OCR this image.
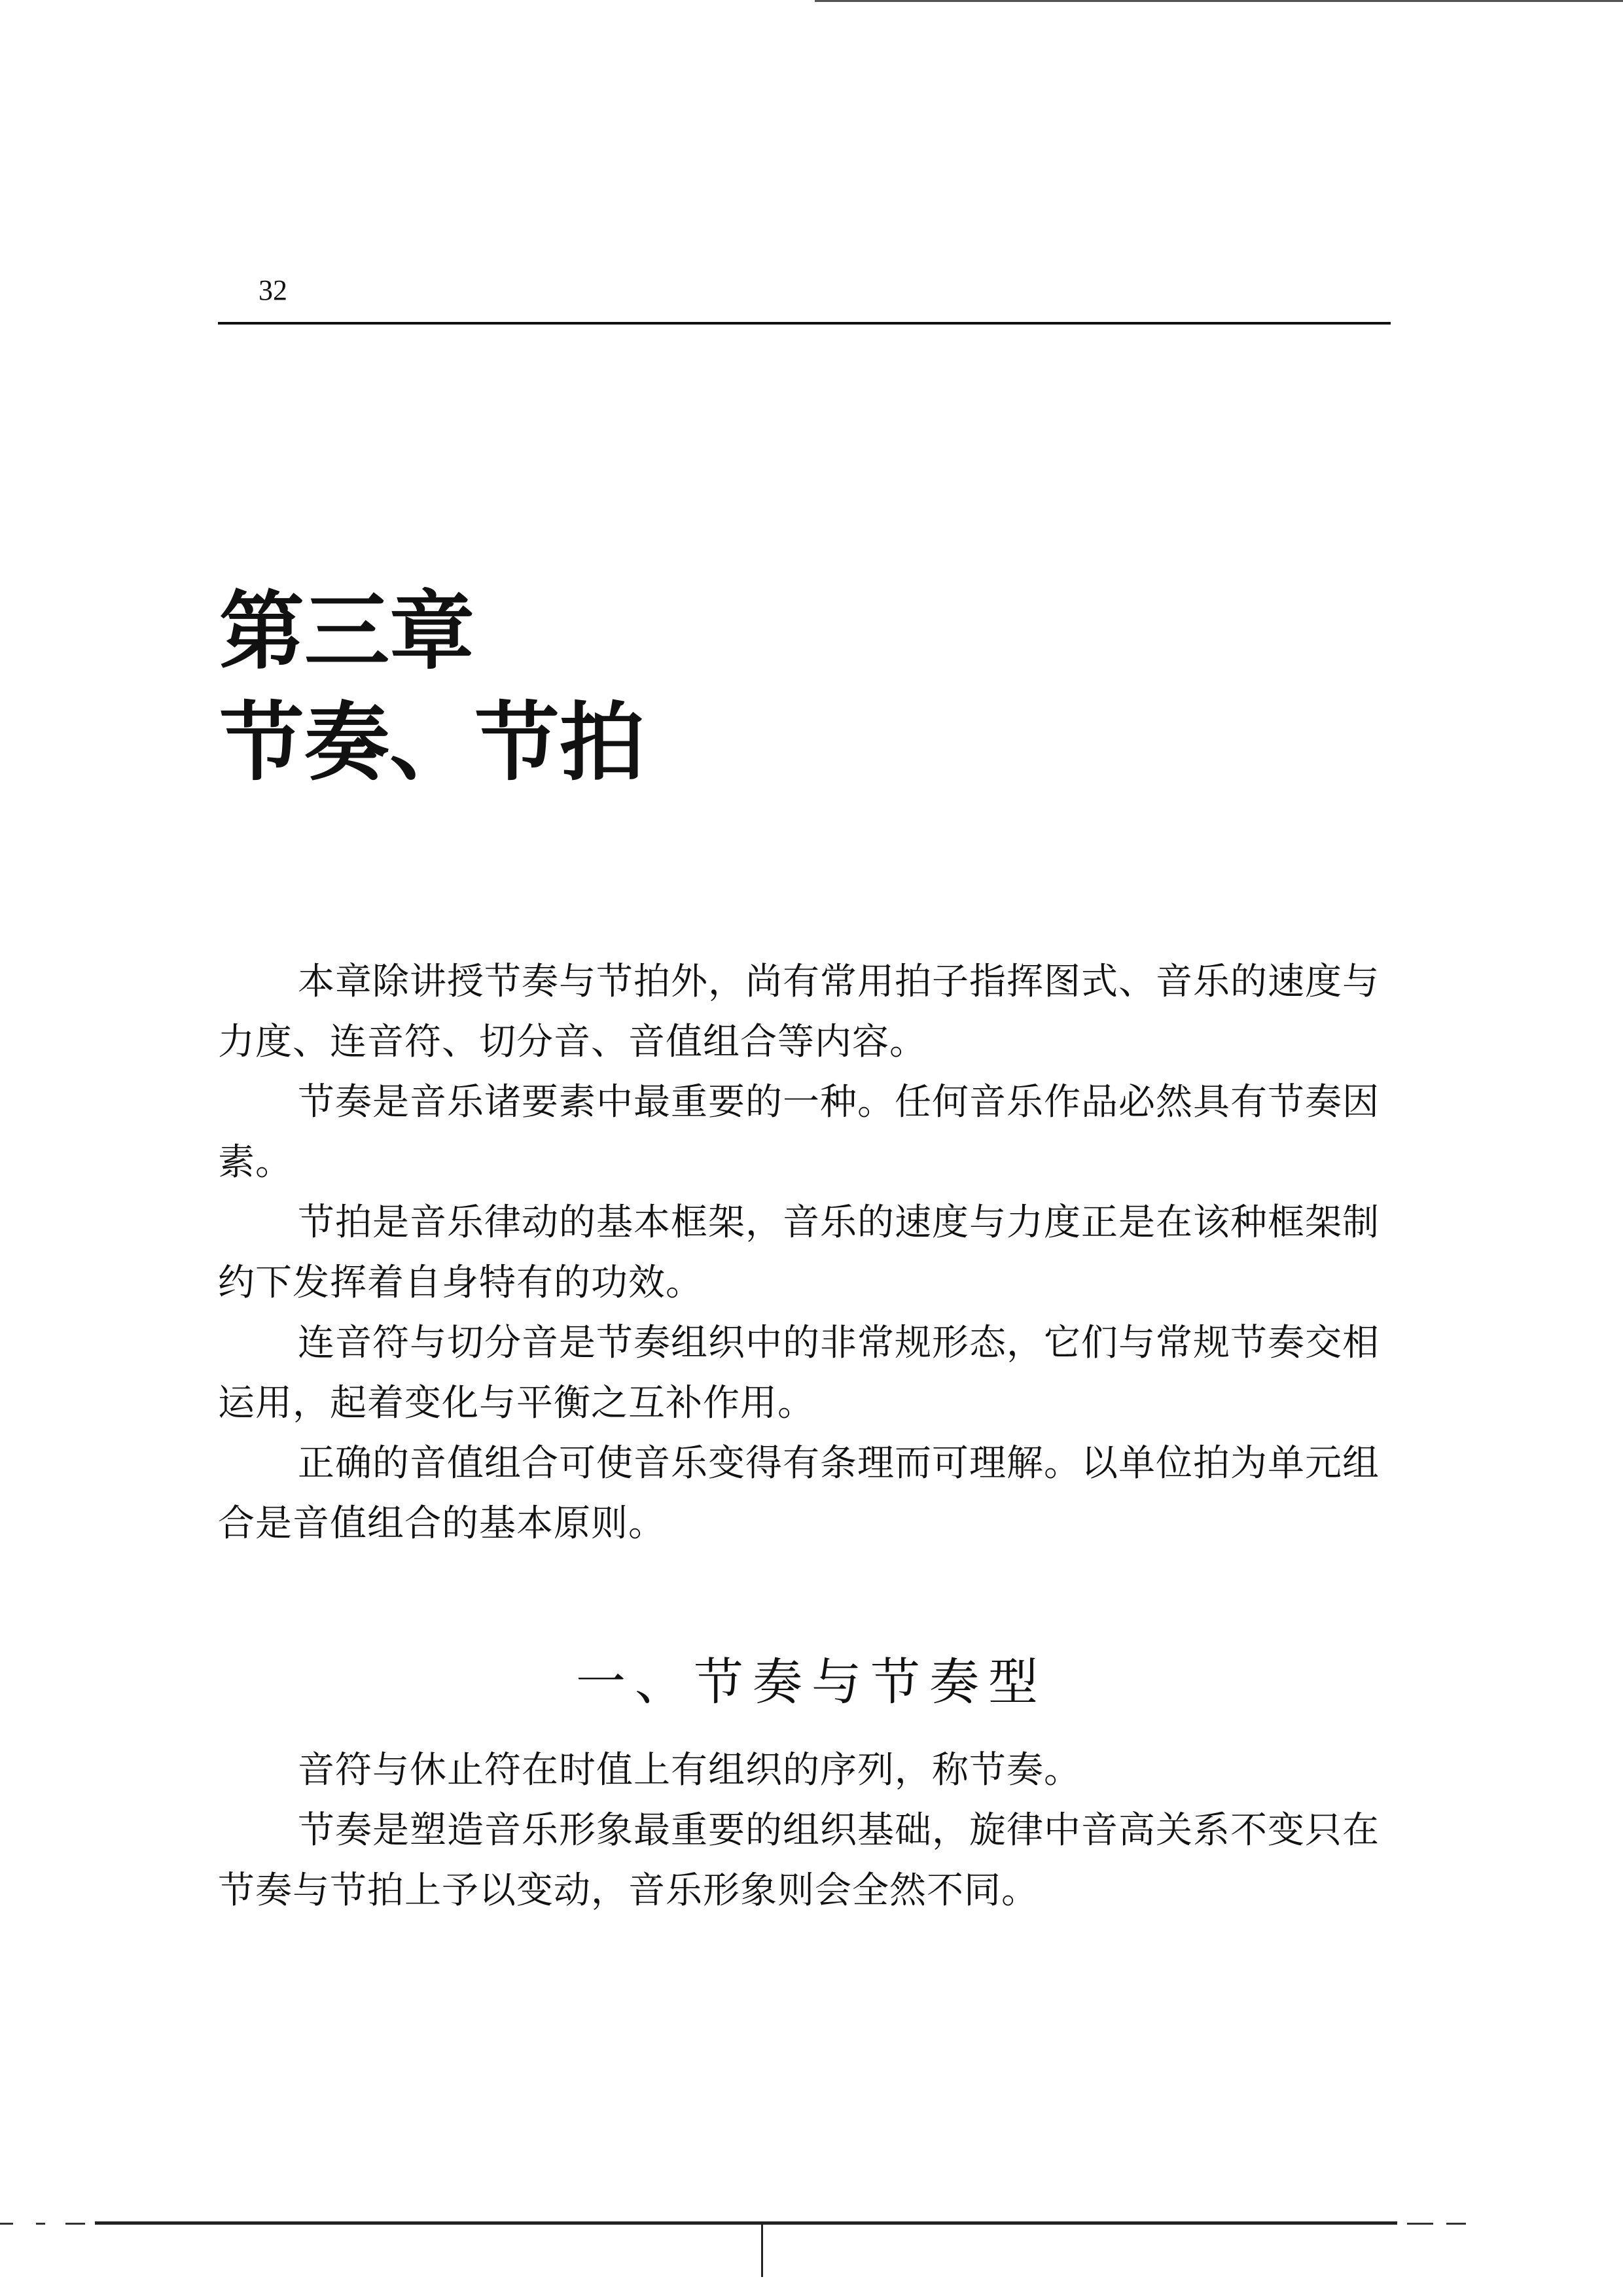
32
第三章
节奏、节拍

本章除讲授节奏与节拍外，尚有常用拍子指挥图式、音乐的速度与力度、连音符、切分音、音值组合等内容。

节奏是音乐诸要素中最重要的一种。任何音乐作品必然具有节奏因素。

节拍是音乐律动的基本框架，音乐的速度与力度正是在该种框架制约下发挥着自身特有的功效。

连音符与切分音是节奏组织中的非常规形态，它们与常规节奏交相运用，起着变化与平衡之互补作用。

正确的音值组合可使音乐变得有条理而可理解。以单位拍为单元组合是音值组合的基本原则。

一、节奏与节奏型

音符与休止符在时值上有组织的序列，称节奏。

节奏是塑造音乐形象最重要的组织基础，旋律中音高关系不变只在节奏与节拍上予以变动，音乐形象则会全然不同。
